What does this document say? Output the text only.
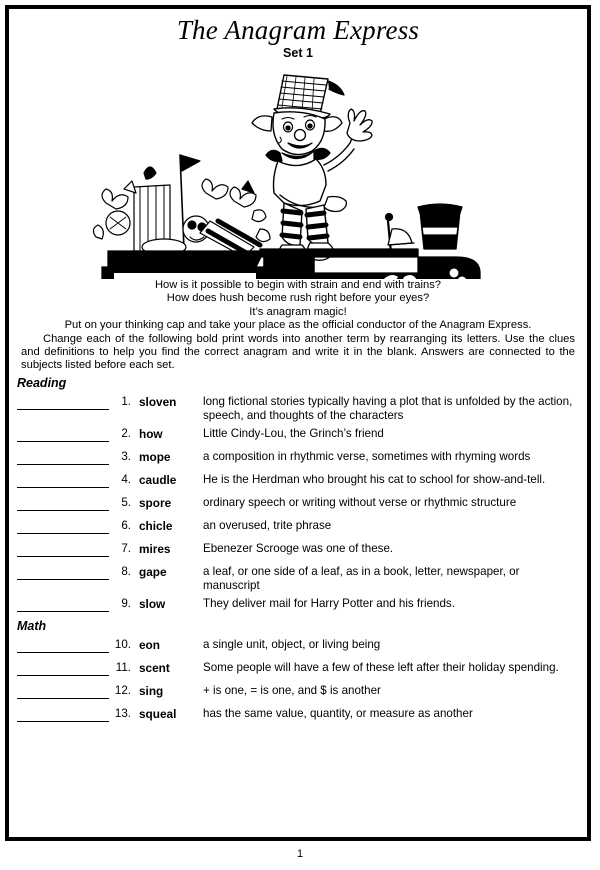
The Anagram Express
Set 1
How is it possible to begin with strain and end with trains?
How does hush become rush right before your eyes?
It’s anagram magic!
Put on your thinking cap and take your place as the official conductor of the Anagram Express.
Change each of the following bold print words into another term by rearranging its letters. Use the clues and definitions to help you find the correct anagram and write it in the blank. Answers are connected to the subjects listed before each set.
Reading
1. sloven	long fictional stories typically having a plot that is unfolded by the action, speech, and thoughts of the characters
2. how	Little Cindy-Lou, the Grinch’s friend
3. mope	a composition in rhythmic verse, sometimes with rhyming words
4. caudle	He is the Herdman who brought his cat to school for show-and-tell.
5. spore	ordinary speech or writing without verse or rhythmic structure
6. chicle	an overused, trite phrase
7. mires	Ebenezer Scrooge was one of these.
8. gape	a leaf, or one side of a leaf, as in a book, letter, newspaper, or manuscript
9. slow	They deliver mail for Harry Potter and his friends.
Math
10. eon	a single unit, object, or living being
11. scent	Some people will have a few of these left after their holiday spending.
12. sing	+ is one, = is one, and $ is another
13. squeal	has the same value, quantity, or measure as another
1
